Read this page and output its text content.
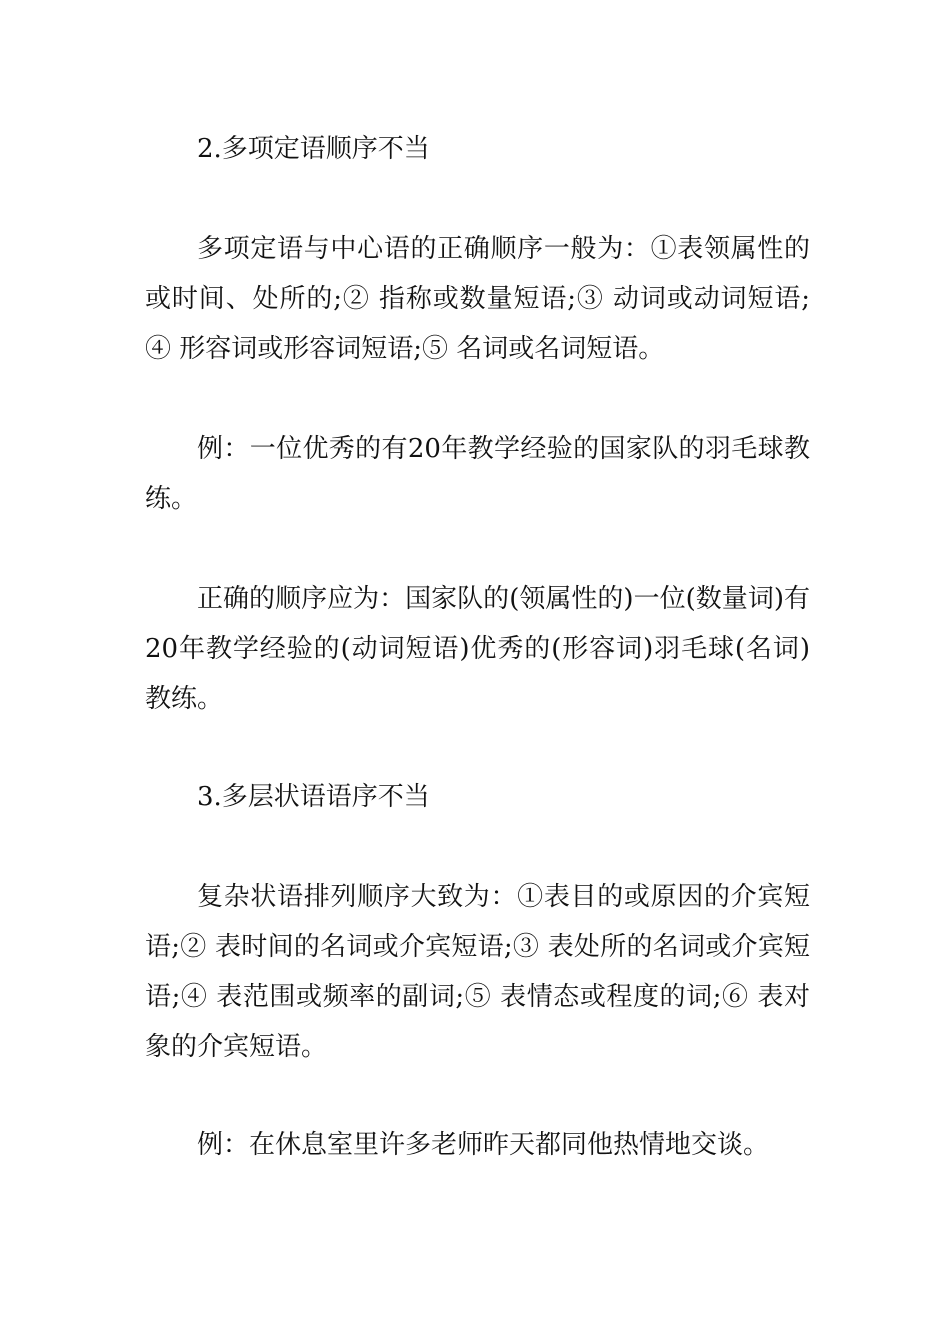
2.多项定语顺序不当

多项定语与中心语的正确顺序一般为：①表领属性的或时间、处所的;② 指称或数量短语;③ 动词或动词短语;④ 形容词或形容词短语;⑤ 名词或名词短语。

例：一位优秀的有20年教学经验的国家队的羽毛球教练。

正确的顺序应为：国家队的(领属性的)一位(数量词)有20年教学经验的(动词短语)优秀的(形容词)羽毛球(名词)教练。

3.多层状语语序不当

复杂状语排列顺序大致为：①表目的或原因的介宾短语;② 表时间的名词或介宾短语;③ 表处所的名词或介宾短语;④ 表范围或频率的副词;⑤ 表情态或程度的词;⑥ 表对象的介宾短语。

例：在休息室里许多老师昨天都同他热情地交谈。
